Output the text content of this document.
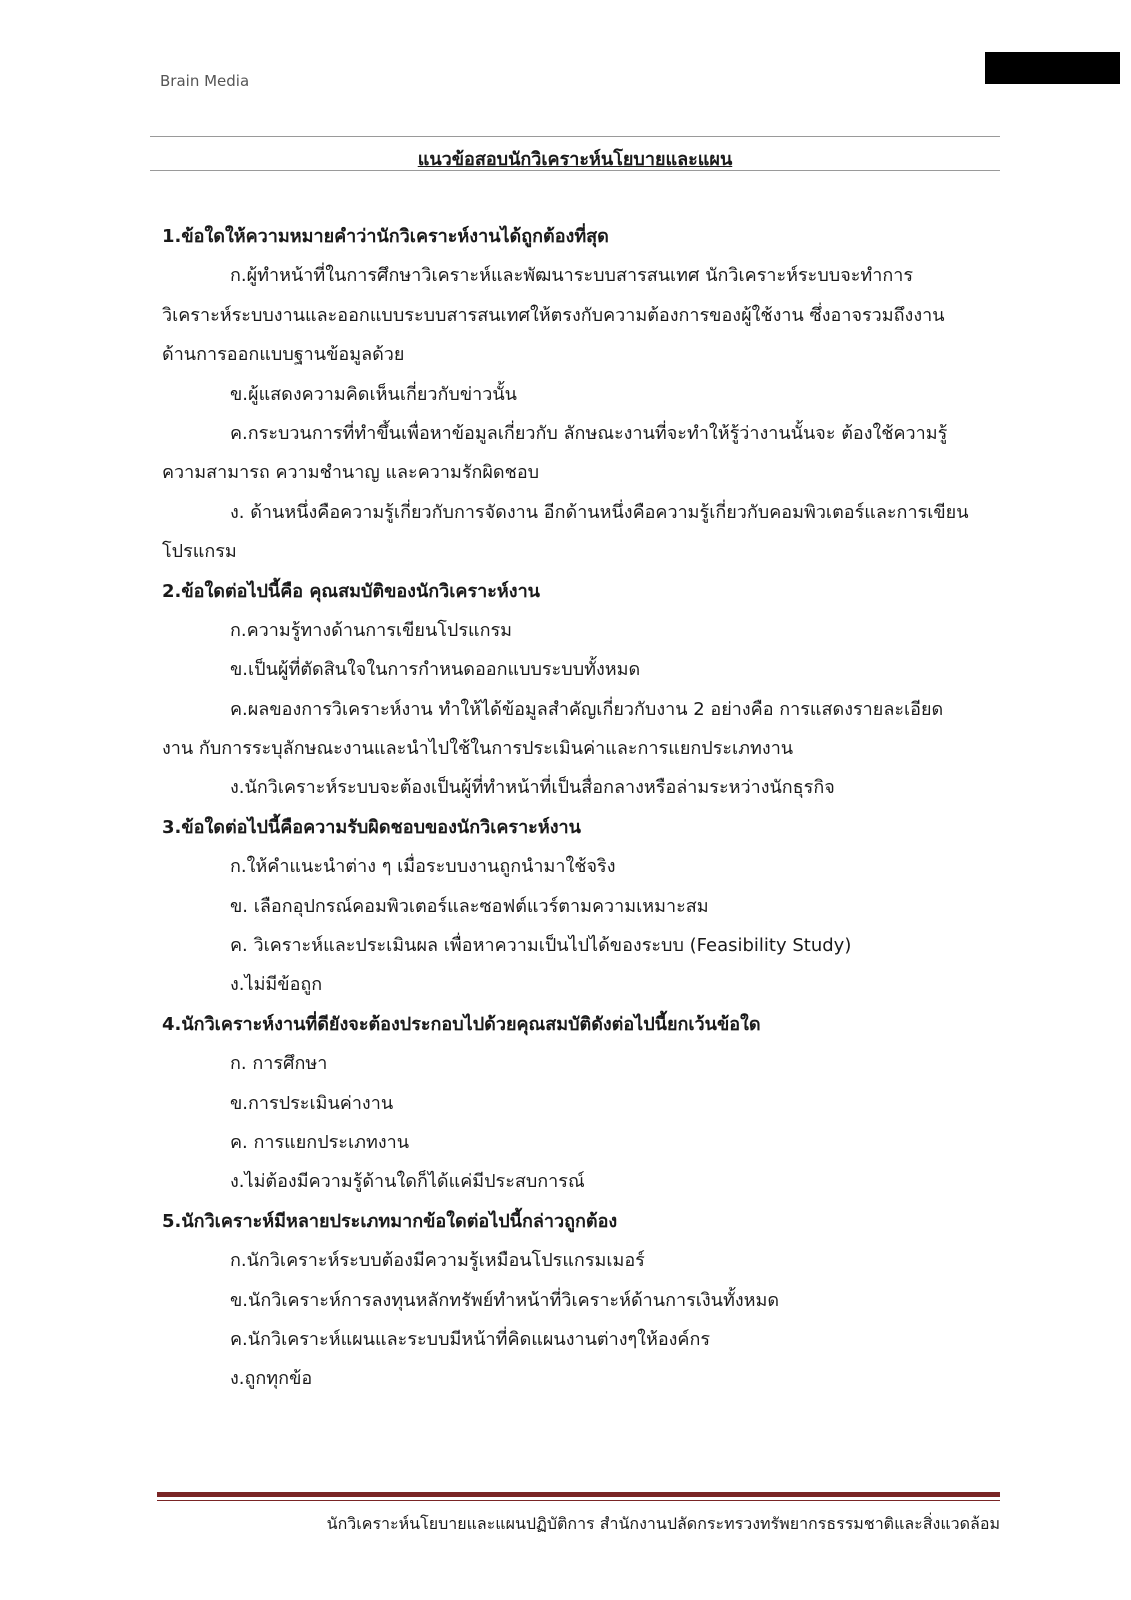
Brain Media
แนวข้อสอบนักวิเคราะห์นโยบายและแผน
1.ข้อใดให้ความหมายคำว่านักวิเคราะห์งานได้ถูกต้องที่สุด
ก.ผู้ทำหน้าที่ในการศึกษาวิเคราะห์และพัฒนาระบบสารสนเทศ นักวิเคราะห์ระบบจะทำการ
วิเคราะห์ระบบงานและออกแบบระบบสารสนเทศให้ตรงกับความต้องการของผู้ใช้งาน ซึ่งอาจรวมถึงงาน
ด้านการออกแบบฐานข้อมูลด้วย
ข.ผู้แสดงความคิดเห็นเกี่ยวกับข่าวนั้น
ค.กระบวนการที่ทำขึ้นเพื่อหาข้อมูลเกี่ยวกับ ลักษณะงานที่จะทำให้รู้ว่างานนั้นจะ ต้องใช้ความรู้
ความสามารถ ความชำนาญ และความรักผิดชอบ
ง. ด้านหนึ่งคือความรู้เกี่ยวกับการจัดงาน อีกด้านหนึ่งคือความรู้เกี่ยวกับคอมพิวเตอร์และการเขียน
โปรแกรม
2.ข้อใดต่อไปนี้คือ คุณสมบัติของนักวิเคราะห์งาน
ก.ความรู้ทางด้านการเขียนโปรแกรม
ข.เป็นผู้ที่ตัดสินใจในการกำหนดออกแบบระบบทั้งหมด
ค.ผลของการวิเคราะห์งาน ทำให้ได้ข้อมูลสำคัญเกี่ยวกับงาน 2 อย่างคือ การแสดงรายละเอียด
งาน กับการระบุลักษณะงานและนำไปใช้ในการประเมินค่าและการแยกประเภทงาน
ง.นักวิเคราะห์ระบบจะต้องเป็นผู้ที่ทำหน้าที่เป็นสื่อกลางหรือล่ามระหว่างนักธุรกิจ
3.ข้อใดต่อไปนี้คือความรับผิดชอบของนักวิเคราะห์งาน
ก.ให้คำแนะนำต่าง ๆ เมื่อระบบงานถูกนำมาใช้จริง
ข. เลือกอุปกรณ์คอมพิวเตอร์และซอฟต์แวร์ตามความเหมาะสม
ค. วิเคราะห์และประเมินผล เพื่อหาความเป็นไปได้ของระบบ (Feasibility Study)
ง.ไม่มีข้อถูก
4.นักวิเคราะห์งานที่ดียังจะต้องประกอบไปด้วยคุณสมบัติดังต่อไปนี้ยกเว้นข้อใด
ก. การศึกษา
ข.การประเมินค่างาน
ค. การแยกประเภทงาน
ง.ไม่ต้องมีความรู้ด้านใดก็ได้แค่มีประสบการณ์
5.นักวิเคราะห์มีหลายประเภทมากข้อใดต่อไปนี้กล่าวถูกต้อง
ก.นักวิเคราะห์ระบบต้องมีความรู้เหมือนโปรแกรมเมอร์
ข.นักวิเคราะห์การลงทุนหลักทรัพย์ทำหน้าที่วิเคราะห์ด้านการเงินทั้งหมด
ค.นักวิเคราะห์แผนและระบบมีหน้าที่คิดแผนงานต่างๆให้องค์กร
ง.ถูกทุกข้อ
นักวิเคราะห์นโยบายและแผนปฏิบัติการ สำนักงานปลัดกระทรวงทรัพยากรธรรมชาติและสิ่งแวดล้อม
